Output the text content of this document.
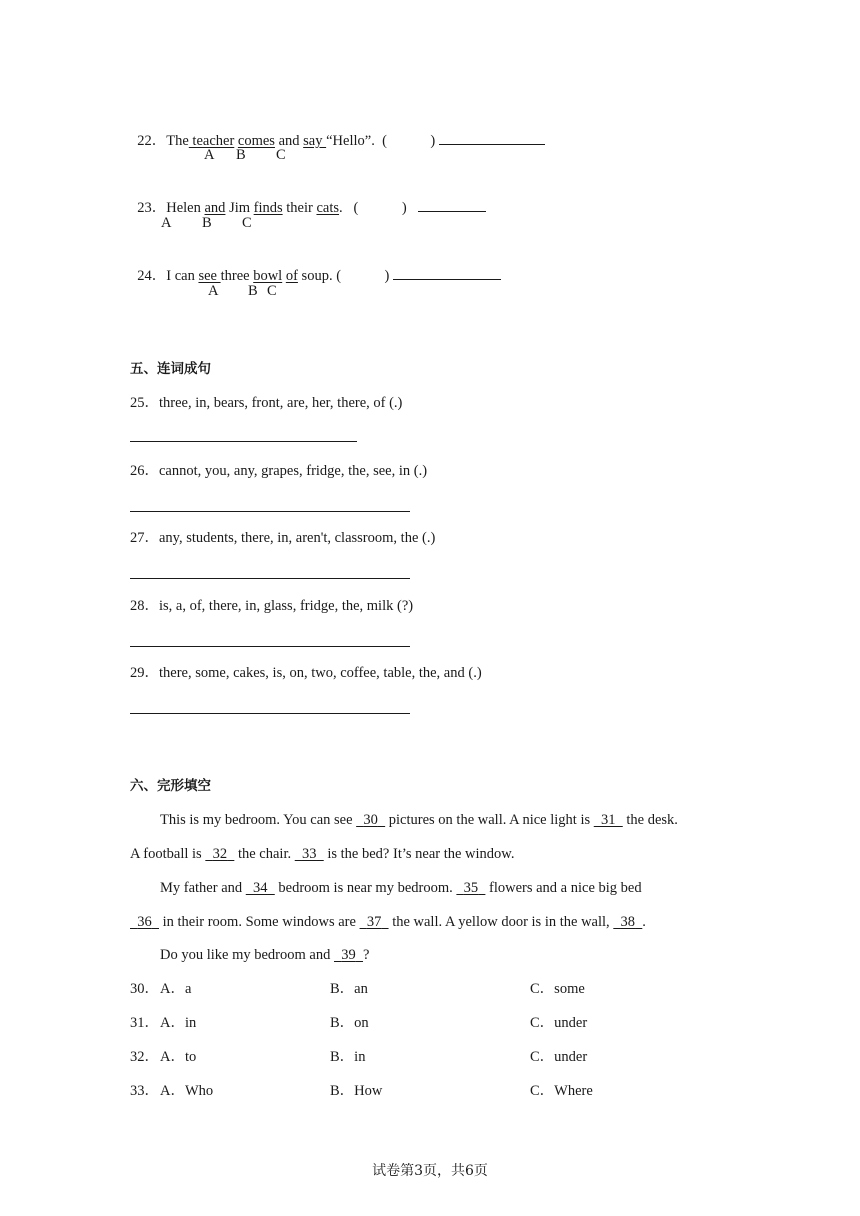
22．The teacher comes and say “Hello”. (　　　)

A B C

23．Helen and Jim finds their cats. (　　　)

A B C

24．I can see three bowl of soup. (　　　)

A B C
五、连词成句
25．three, in, bears, front, are, her, there, of (.)
26．cannot, you, any, grapes, fridge, the, see, in (.)
27．any, students, there, in, aren't, classroom, the (.)
28．is, a, of, there, in, glass, fridge, the, milk (?)
29．there, some, cakes, is, on, two, coffee, table, the, and (.)
六、完形填空
This is my bedroom. You can see   30   pictures on the wall. A nice light is   31   the desk.
A football is   32   the chair.   33   is the bed? It’s near the window.
My father and   34   bedroom is near my bedroom.   35   flowers and a nice big bed
36   in their room. Some windows are   37   the wall. A yellow door is in the wall,   38 .
Do you like my bedroom and   39 ?
30． A．a	B．an	C．some
31． A．in	B．on	C．under
32． A．to	B．in	C．under
33． A．Who	B．How	C．Where
试卷第3页，共6页
